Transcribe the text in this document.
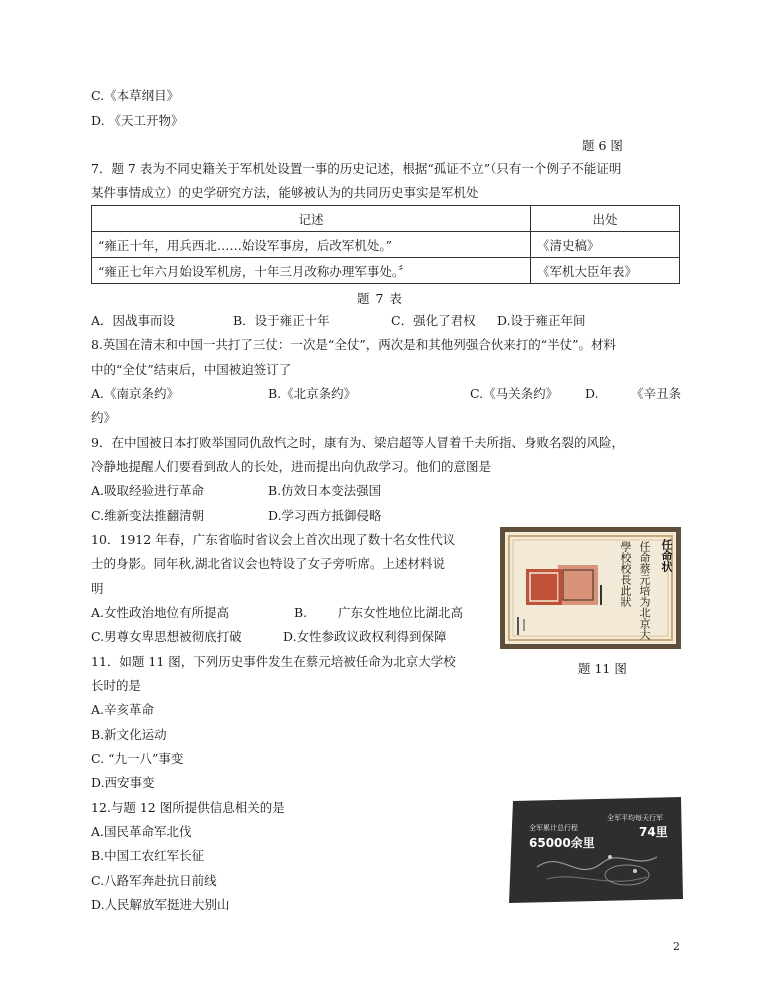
C.《本草纲目》
D. 《天工开物》
题 6 图
7．题 7 表为不同史籍关于军机处设置一事的历史记述，根据“孤证不立”（只有一个例子不能证明
某件事情成立）的史学研究方法，能够被认为的共同历史事实是军机处
记述	出处
“雍正十年，用兵西北……始设军事房，后改军机处。”	《清史稿》
“雍正七年六月始设军机房，十年三月改称办理军事处。〞	《军机大臣年表》
题 7 表
A．因战事而设	B．设于雍正十年	C．强化了君权 D.设于雍正年间
8.英国在清末和中国一共打了三仗：一次是“全仗”，两次是和其他列强合伙来打的“半仗”。材料
中的“全仗”结束后，中国被迫签订了
A.《南京条约》	B.《北京条约》	C.《马关条约》 D.	《辛丑条
约》
9．在中国被日本打败举国同仇敌忾之时，康有为、梁启超等人冒着千夫所指、身败名裂的风险，
冷静地提醒人们要看到敌人的长处，进而提出向仇敌学习。他们的意图是
A.吸取经验进行革命	B.仿效日本变法强国
C.维新变法推翻清朝	D.学习西方抵御侵略
10．1912 年春，广东省临时省议会上首次出现了数十名女性代议
士的身影。同年秋,湖北省议会也特设了女子旁听席。上述材料说
明
A.女性政治地位有所提高	B. 广东女性地位比湖北高
C.男尊女卑思想被彻底打破	D.女性参政议政权利得到保障
任命状
任命蔡元培为北京大
學校校長此狀
题 11 图
11．如题 11 图，下列历史事件发生在蔡元培被任命为北京大学校
长时的是
A.辛亥革命
B.新文化运动
C. “九一八”事变
D.西安事变
12.与题 12 图所提供信息相关的是
A.国民革命军北伐
B.中国工农红军长征
C.八路军奔赴抗日前线
D.人民解放军挺进大别山
全军累计总行程
65000余里
全军平均每天行军
74里
2
